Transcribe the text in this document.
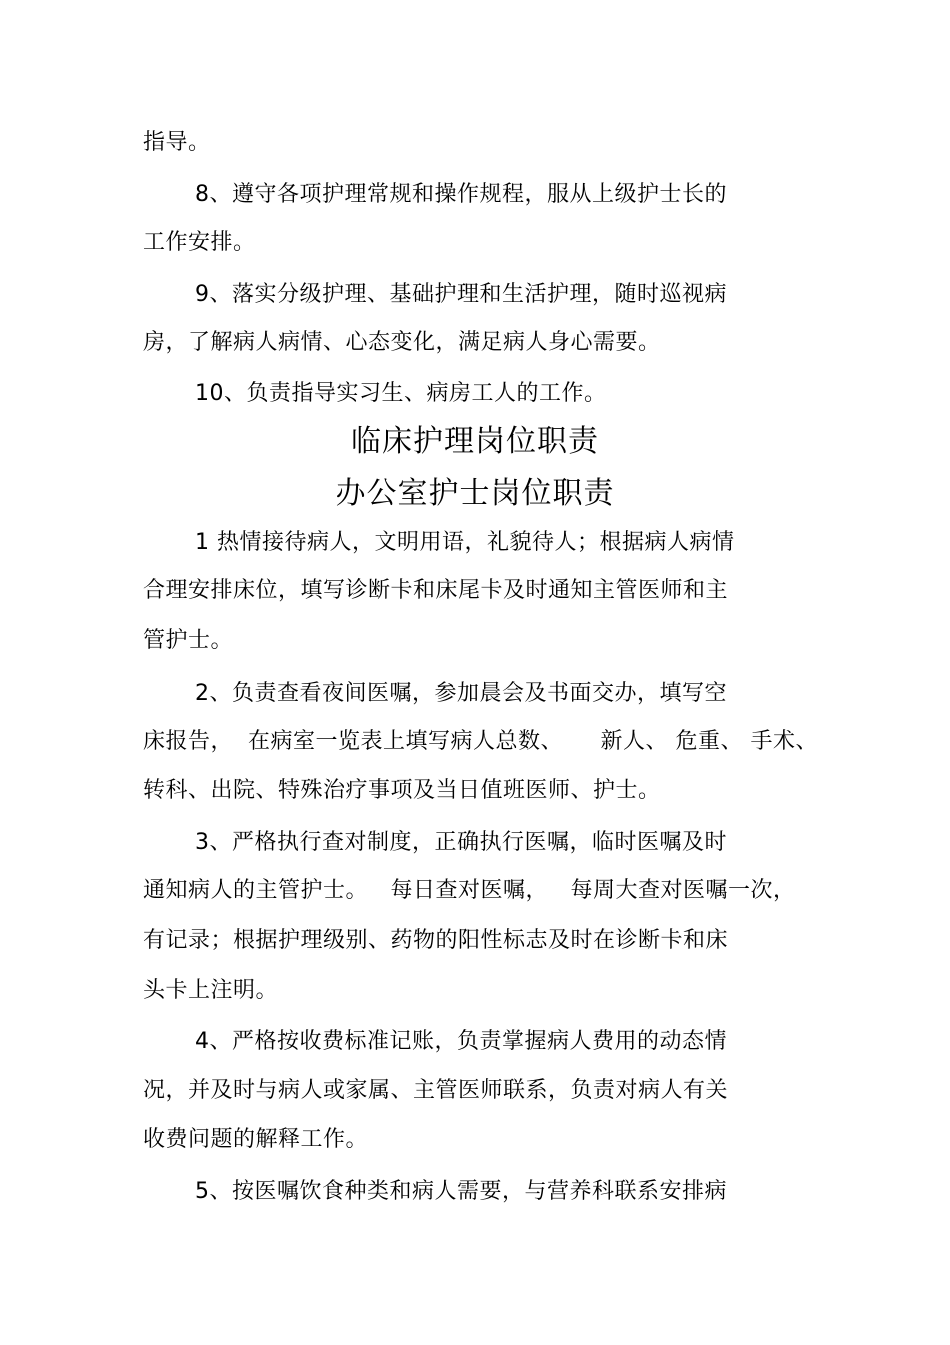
指导。
8、遵守各项护理常规和操作规程，服从上级护士长的
工作安排。
9、落实分级护理、基础护理和生活护理，随时巡视病
房，了解病人病情、心态变化，满足病人身心需要。
10、负责指导实习生、病房工人的工作。
临床护理岗位职责
办公室护士岗位职责
1 热情接待病人，文明用语，礼貌待人；根据病人病情
合理安排床位，填写诊断卡和床尾卡及时通知主管医师和主
管护士。
2、负责查看夜间医嘱，参加晨会及书面交办，填写空
床报告，  在病室一览表上填写病人总数、     新人、 危重、 手术、
转科、出院、特殊治疗事项及当日值班医师、护士。
3、严格执行查对制度，正确执行医嘱，临时医嘱及时
通知病人的主管护士。   每日查对医嘱，   每周大查对医嘱一次，
有记录；根据护理级别、药物的阳性标志及时在诊断卡和床
头卡上注明。
4、严格按收费标准记账，负责掌握病人费用的动态情
况，并及时与病人或家属、主管医师联系，负责对病人有关
收费问题的解释工作。
5、按医嘱饮食种类和病人需要，与营养科联系安排病
